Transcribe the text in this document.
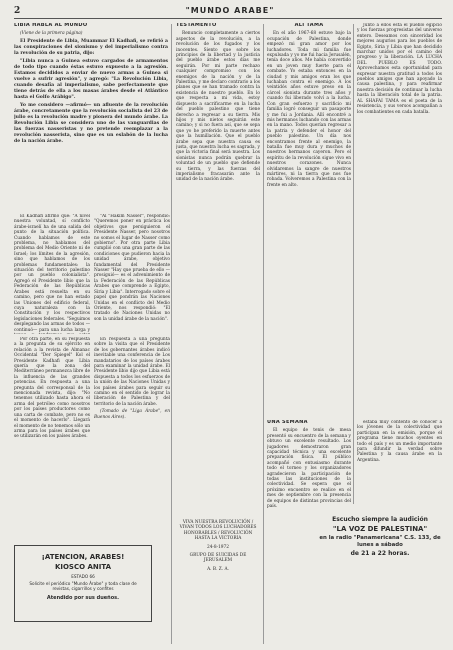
2	"MUNDO ARABE"
LIBIA HABLA AL MUNDO

(Viene de la primera página)

El Presidente de Libia, Muammar El Kadhafi, se refirió a las conspiraciones del sionismo y del imperialismo contra la revolución de su patria, dijo:

"Libia nunca a Guinea estuvo cargados de armamentos de todo tipo cuando éstas estuvo expuesto a la agresión. Estamos decididos a enviar de nuevo armas a Guinea si vuelve a sufrir agresión", y agregó: "La Revolución Libia, cuando desafía al imperialismo, sabe perfectamente que tiene detrás de ella a los masas árabes desde el Atlántico hasta el Golfo Arábigo".

Yo me considero —afirmó— un afluente de la revolución árabe, concretamente que la revolución socialista del 23 de julio es la revolución madre y pionera del mundo árabe. La Revolución Libia se considera uno de las vanguardias de las fuerzas nasseristas y no pretende reemplazar a la revolución nasserista, sino que es un eslabón de la lucha de la nación árabe.

El Kadhafi afirmó que: "A nivel nuestra voluntad, sí conflicto árabe-israelí ha de una salida del punto de la situación política. Cuando hablamos de este problema, no hablamos del problema del Medio Oriente ni de Israel; los límites de la agresión, sino que hablamos de los problemas fundamentales: la situación del territorio palestino por un pueblo colonialista". Agregó el Presidente libio que la Federación de las Repúblicas Árabes está resuelta en su camino, pero que no han estado las Uniones del edificio federal, cuya naturaleza con la Constitución y los respectivos legislaciones federales. "Seguimos desplegando las armas de todos —continuó— para una lucha larga y

"Al "Hakim Nasser", respondió: "Queremos poner en práctica los objetivos que persiguieron el Presidente Nasser, pero nosotros no somos el lugar de Nasser como gobierno". Por otra parte Libia cumplió con una gran parte de las condiciones que pudieron hacia la unidad árabe, objetivo fundamental del Presidente Nasser "Hay que prueba de ello —prosiguió— es el advenimiento de la Federación de las Repúblicas Árabes que comprende a Egipto, Siria y Libia". Interrogado sobre el papel que pondrán las Naciones Unidas en el conflicto del Medio Oriente, nos respondió: "El tratado de Naciones Unidas no son la unidad árabe de la nación".

Por otra parte, en su respuesta a la pregunta de su ejército en relación a la revista de Almanac Occidental "Der Spiegel" Kol el Presidente Kadhafi que Libia quería que la zona del Mediterráneo permanezca libre de la influencia de las grandes potencias. En respuesta a una pregunta del corresponsal de la mencionada revista, dijo: "No tenemos utilizado hasta ahora el arma del petróleo como nosotros por los países productores como una carta de combate, pero no es el momento de hacerlo". Llegará el momento de no tenemos sólo un arma para los países árabes que se utilizarán en los países árabes.

En respuesta a una pregunta sobre la visita que el Presidente de los gobernantes árabes indicó inevitable una conferencia de Los mandatarios de los países árabes para examinar la unidad árabe. El Presidente libio dijo que Libia está dispuesta a todos los esfuerzos de la unión de las Naciones Unidas y los países árabes para seguir su camino en el sentido de lograr la liberación de Palestina y del territorio de la nación árabe.

(Tomado de "Liga Árabe", en Buenos Aires).

TESTAMENTO

Renuncio completamente a ciertos aspectos de la revolución, a la revolución de los fugados y los inocentes. Siento que sobre los principios de la libertad y la justicia del pueblo árabe estos días me seguirán. Por mi parte rechazo cualquier compromiso con los enemigos de la nación y de la Palestina, y me declaro contrario a los planes que se han tramado contra la existencia de nuestro pueblo. En lo que respecta a mi vida, estoy dispuesto a sacrificarme en la lucha del pueblo palestino que tiene derecho a regresar a su tierra. Mis hijos y mis nietos seguirán este camino; y si no fuera así, que se sepa que yo he preferido la muerte antes que la humillación. Que el pueblo árabe sepa que nuestra causa es justa, que nuestra lucha es sagrada, y que la victoria final será nuestra. Los sionistas nunca podrán quebrar la voluntad de un pueblo que defiende su tierra, y las fuerzas del imperialismo fracasarán ante la unidad de la nación árabe.

VIVA NUESTRA REVOLUCIÓN / VIVAN TODOS LOS LUCHADORES HONORABLES / REVOLUCIÓN HASTA LA VICTORIA
24-8-1972
GRUPO DE SUICIDAS DE JERUSALEM
A. B. Z. A.
ALI TAMA

En el año 1967-68 estuve bajo la ocupación de Palestina, donde empezó mi gran amor por los luchadores. Toda mi familia fue expulsada y yo me fui hacia Jerusalén, tenía doce años. Me había convertido en un joven muy fuerte para el combate. Yo estaba entonces en la ciudad y mis amigos eran los que luchaban contra el enemigo. A los veintidós años estuve preso en la cárcel sionista durante tres años y cuando fui liberado volví a la lucha. Con gran esfuerzo y sacrificio mi familia logró conseguir un pasaporte y me fui a Jordania. Allí encontré a mis hermanos luchando con las armas en la mano. Todos querían regresar a la patria y defender el honor del pueblo palestino. Un día nos encontramos frente al enemigo, la batalla fue muy dura y muchos de nuestros hermanos cayeron. Pero el espíritu de la revolución sigue vivo en nuestros corazones. Nunca olvidaremos la sangre de nuestros mártires, ni la tierra que nos fue robada. Volveremos a Palestina con la frente en alto.

UNA SEMANA

El equipo de tenis de mesa presentó su encuentro de la semana y obtuvo un excelente resultado. Los jugadores demostraron gran capacidad técnica y una excelente preparación física. El público acompañó con entusiasmo durante todo el torneo y los organizadores agradecieron la participación de todas las instituciones de la colectividad. Se espera que el próximo encuentro se realice en el mes de septiembre con la presencia de equipos de distintas provincias del país.

Junto a ellos está el pueblo egipcio y los fuerzas progresistas del universo entero. Deseamos con sinceridad los mejores augurios para los pueblos de Egipto, Siria y Libia que han decidido marchar unidos por el camino del progreso y la liberación. LA LUCHA DEL PUEBLO ES TODO. Aprovechamos esta oportunidad para expresar nuestra gratitud a todos los pueblos amigos que han apoyado la causa palestina, y para reafirmar nuestra decisión de continuar la lucha hasta la liberación total de la patria. AL SHAFAI TAMA es el poeta de la resistencia, y sus versos acompañan a los combatientes en cada batalla.

estaba muy contento de conocer a los jóvenes de la colectividad que participan en la emisión, porque el programa tiene muchos oyentes en todo el país y es un medio importante para difundir la verdad sobre Palestina y la causa árabe en la Argentina.

¡ATENCION, ARABES!
KIOSCO ANITA
ESTADO 66
Solicite el periódico "Mundo Árabe" y toda clase de revistas, cigarrillos y confites
Atendido por sus dueños.
Escucho siempre la audición
"LA VOZ DE PALESTINA"
en la radio "Panamericana" C.S. 133, de lunes a sábado
de 21 a 22 horas.
